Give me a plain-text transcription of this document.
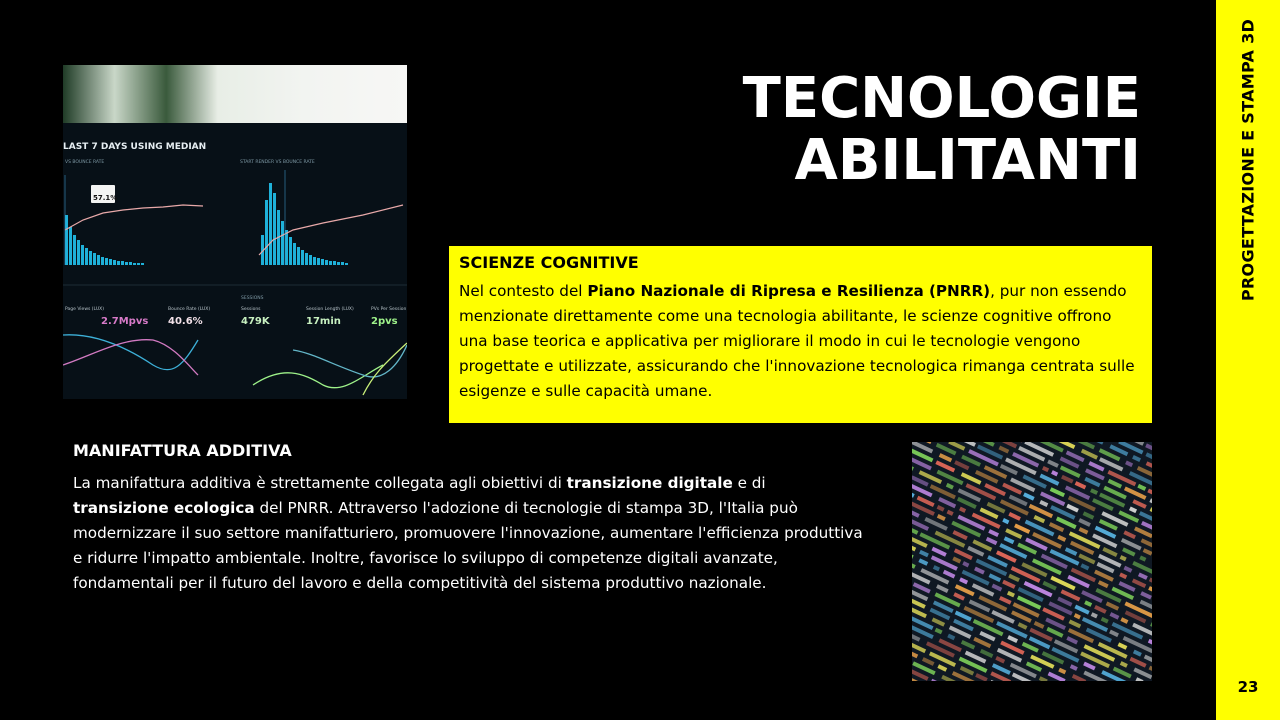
LAST 7 DAYS USING MEDIAN
VS BOUNCE RATE	START RENDER VS BOUNCE RATE
57.1%
Page Views (LUX)	Bounce Rate (LUX)
SESSIONS
Sessions	Session Length (LUX)	PVs Per Session
2.7Mpvs 40.6%	479K	17min	2pvs
TECNOLOGIE
ABILITANTI
SCIENZE COGNITIVE

Nel contesto del Piano Nazionale di Ripresa e Resilienza (PNRR), pur non essendo menzionate direttamente come una tecnologia abilitante, le scienze cognitive offrono una base teorica e applicativa per migliorare il modo in cui le tecnologie vengono progettate e utilizzate, assicurando che l'innovazione tecnologica rimanga centrata sulle esigenze e sulle capacità umane.

MANIFATTURA ADDITIVA

La manifattura additiva è strettamente collegata agli obiettivi di transizione digitale e di transizione ecologica del PNRR. Attraverso l'adozione di tecnologie di stampa 3D, l'Italia può modernizzare il suo settore manifatturiero, promuovere l'innovazione, aumentare l'efficienza produttiva e ridurre l'impatto ambientale. Inoltre, favorisce lo sviluppo di competenze digitali avanzate, fondamentali per il futuro del lavoro e della competitività del sistema produttivo nazionale.

PROGETTAZIONE E STAMPA 3D
23
